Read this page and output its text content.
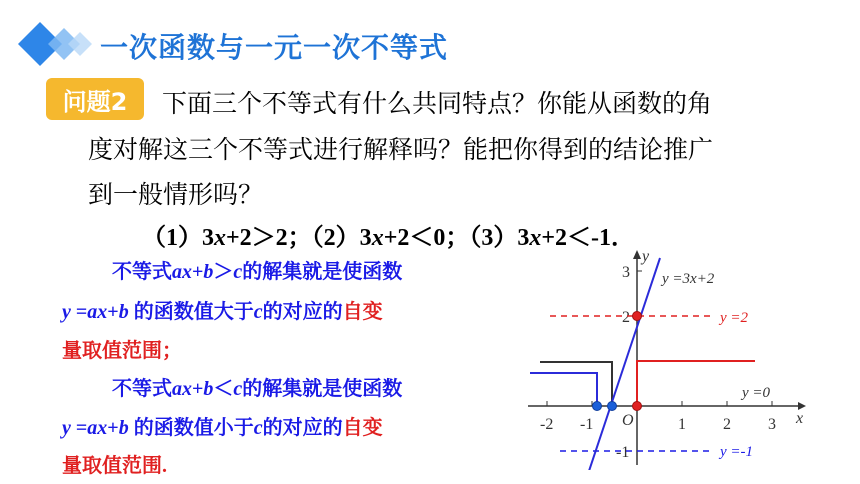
一次函数与一元一次不等式
问题2	下面三个不等式有什么共同特点？你能从函数的角
度对解这三个不等式进行解释吗？能把你得到的结论推广
到一般情形吗？
（1）3x+2＞2；（2）3x+2＜0；（3）3x+2＜-1．
不等式ax+b＞c的解集就是使函数
y =ax+b 的函数值大于c的对应的自变
量取值范围；
不等式ax+b＜c的解集就是使函数
y =ax+b 的函数值小于c的对应的自变
量取值范围.
-2 -1	1 2 3
3
2
-1
O	x
y
y =2
y =-1
y =0
y =3x+2
